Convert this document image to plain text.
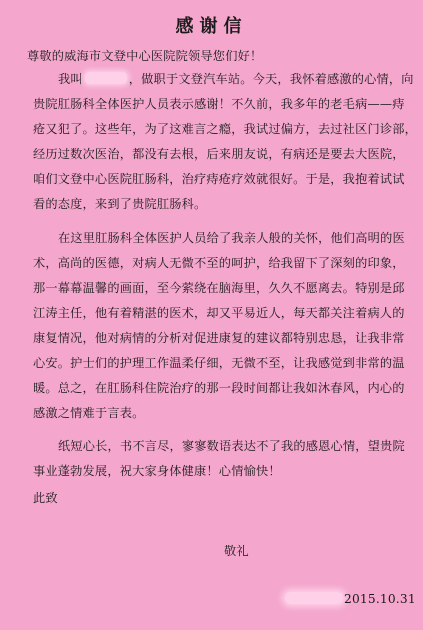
感谢信
尊敬的威海市文登中心医院院领导您们好！
我叫	，做职于文登汽车站。今天，我怀着感激的心情，向
贵院肛肠科全体医护人员表示感谢！不久前，我多年的老毛病——痔
疮又犯了。这些年，为了这难言之瘾，我试过偏方，去过社区门诊部，
经历过数次医治，都没有去根，后来朋友说，有病还是要去大医院，
咱们文登中心医院肛肠科，治疗痔疮疗效就很好。于是，我抱着试试
看的态度，来到了贵院肛肠科。
在这里肛肠科全体医护人员给了我亲人般的关怀，他们高明的医
术，高尚的医德，对病人无微不至的呵护，给我留下了深刻的印象，
那一幕幕温馨的画面，至今萦绕在脑海里，久久不愿离去。特别是邱
江涛主任，他有着精湛的医术，却又平易近人，每天都关注着病人的
康复情况，他对病情的分析对促进康复的建议都特别忠恳，让我非常
心安。护士们的护理工作温柔仔细，无微不至，让我感觉到非常的温
暖。总之，在肛肠科住院治疗的那一段时间都让我如沐春风，内心的
感激之情难于言表。
纸短心长，书不言尽，寥寥数语表达不了我的感恩心情，望贵院
事业蓬勃发展，祝大家身体健康！心情愉快！
此致
敬礼
2015.10.31
